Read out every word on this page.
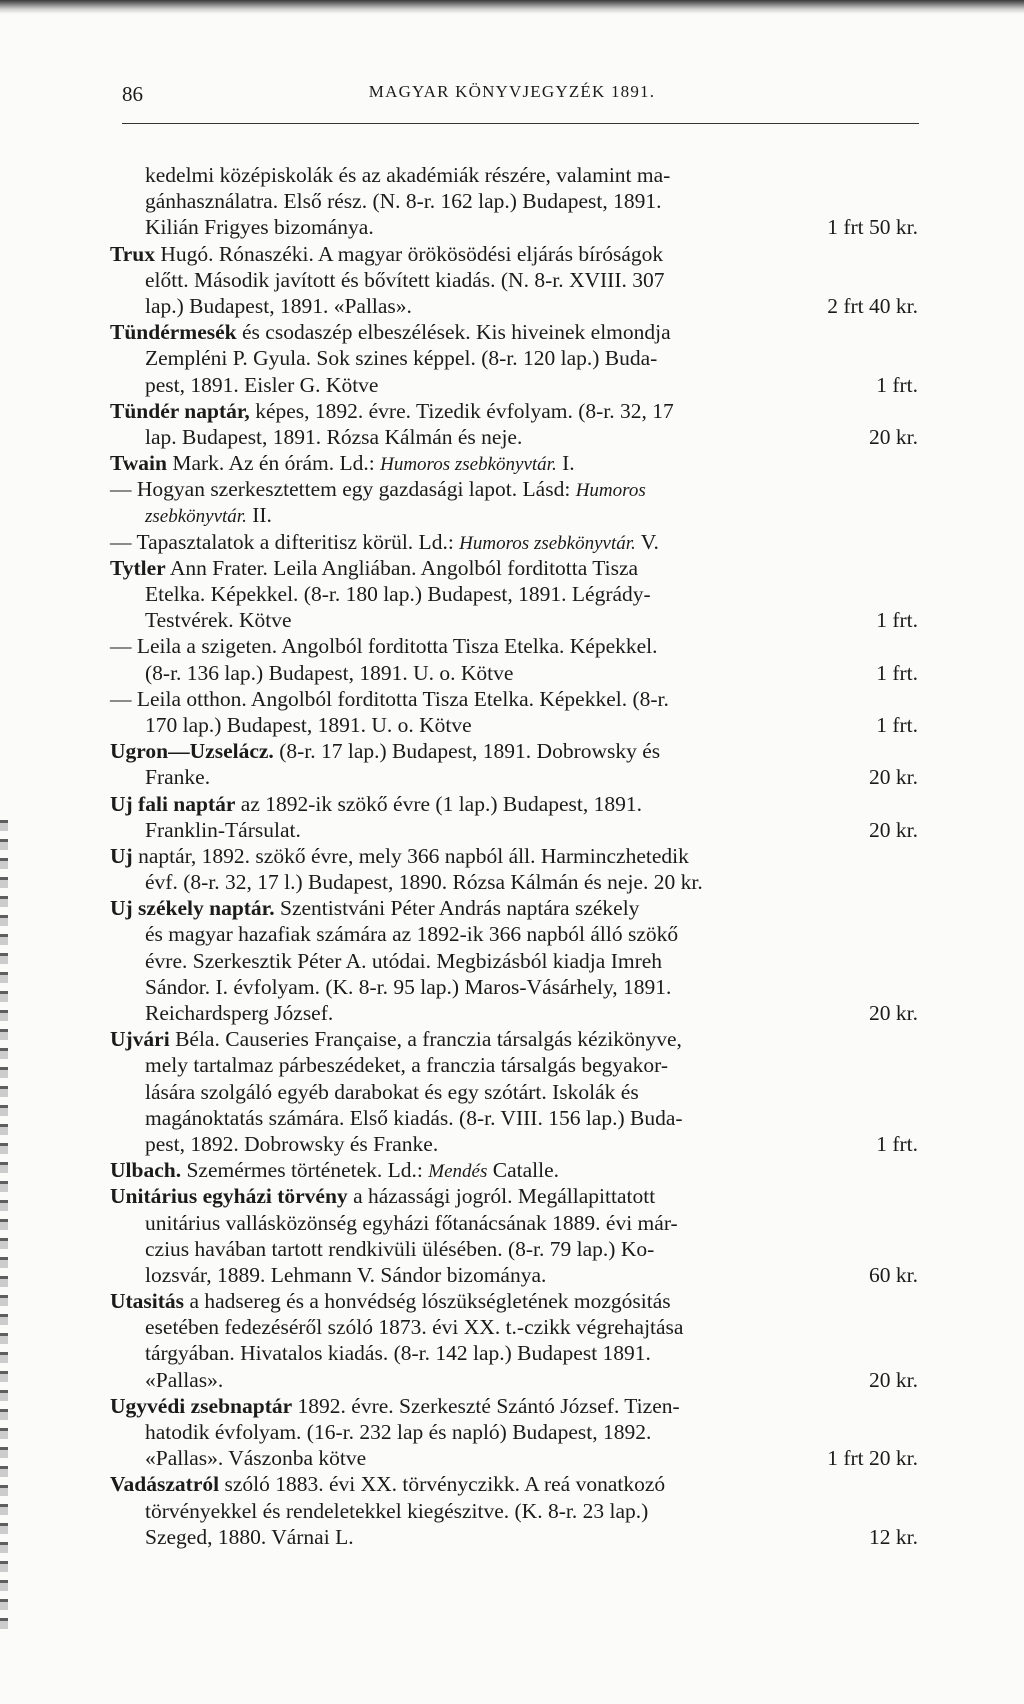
86	MAGYAR KÖNYVJEGYZÉK 1891.
kedelmi középiskolák és az akadémiák részére, valamint ma-
gánhasználatra. Első rész. (N. 8-r. 162 lap.) Budapest, 1891.
Kilián Frigyes bizománya.	1 frt 50 kr.
Trux Hugó. Rónaszéki. A magyar örökösödési eljárás bíróságok
előtt. Második javított és bővített kiadás. (N. 8-r. XVIII. 307
lap.) Budapest, 1891. «Pallas».	2 frt 40 kr.
Tündérmesék és csodaszép elbeszélések. Kis hiveinek elmondja
Zempléni P. Gyula. Sok szines képpel. (8-r. 120 lap.) Buda-
pest, 1891. Eisler G. Kötve	1 frt.
Tündér naptár, képes, 1892. évre. Tizedik évfolyam. (8-r. 32, 17
lap. Budapest, 1891. Rózsa Kálmán és neje.	20 kr.
Twain Mark. Az én órám. Ld.: Humoros zsebkönyvtár. I.
— Hogyan szerkesztettem egy gazdasági lapot. Lásd: Humoros
zsebkönyvtár. II.
— Tapasztalatok a difteritisz körül. Ld.: Humoros zsebkönyvtár. V.
Tytler Ann Frater. Leila Angliában. Angolból forditotta Tisza
Etelka. Képekkel. (8-r. 180 lap.) Budapest, 1891. Légrády-
Testvérek. Kötve	1 frt.
— Leila a szigeten. Angolból forditotta Tisza Etelka. Képekkel.
(8-r. 136 lap.) Budapest, 1891. U. o. Kötve	1 frt.
— Leila otthon. Angolból forditotta Tisza Etelka. Képekkel. (8-r.
170 lap.) Budapest, 1891. U. o. Kötve	1 frt.
Ugron—Uzselácz. (8-r. 17 lap.) Budapest, 1891. Dobrowsky és
Franke.	20 kr.
Uj fali naptár az 1892-ik szökő évre (1 lap.) Budapest, 1891.
Franklin-Társulat.	20 kr.
Uj naptár, 1892. szökő évre, mely 366 napból áll. Harminczhetedik
évf. (8-r. 32, 17 l.) Budapest, 1890. Rózsa Kálmán és neje. 20 kr.
Uj székely naptár. Szentistváni Péter András naptára székely
és magyar hazafiak számára az 1892-ik 366 napból álló szökő
évre. Szerkesztik Péter A. utódai. Megbizásból kiadja Imreh
Sándor. I. évfolyam. (K. 8-r. 95 lap.) Maros-Vásárhely, 1891.
Reichardsperg József.	20 kr.
Ujvári Béla. Causeries Française, a franczia társalgás kézikönyve,
mely tartalmaz párbeszédeket, a franczia társalgás begyakor-
lására szolgáló egyéb darabokat és egy szótárt. Iskolák és
magánoktatás számára. Első kiadás. (8-r. VIII. 156 lap.) Buda-
pest, 1892. Dobrowsky és Franke.	1 frt.
Ulbach. Szemérmes történetek. Ld.: Mendés Catalle.
Unitárius egyházi törvény a házassági jogról. Megállapittatott
unitárius vallásközönség egyházi főtanácsának 1889. évi már-
czius havában tartott rendkivüli ülésében. (8-r. 79 lap.) Ko-
lozsvár, 1889. Lehmann V. Sándor bizománya.	60 kr.
Utasitás a hadsereg és a honvédség lószükségletének mozgósitás
esetében fedezéséről szóló 1873. évi XX. t.-czikk végrehajtása
tárgyában. Hivatalos kiadás. (8-r. 142 lap.) Budapest 1891.
«Pallas».	20 kr.
Ugyvédi zsebnaptár 1892. évre. Szerkeszté Szántó József. Tizen-
hatodik évfolyam. (16-r. 232 lap és napló) Budapest, 1892.
«Pallas». Vászonba kötve	1 frt 20 kr.
Vadászatról szóló 1883. évi XX. törvényczikk. A reá vonatkozó
törvényekkel és rendeletekkel kiegészitve. (K. 8-r. 23 lap.)
Szeged, 1880. Várnai L.	12 kr.
